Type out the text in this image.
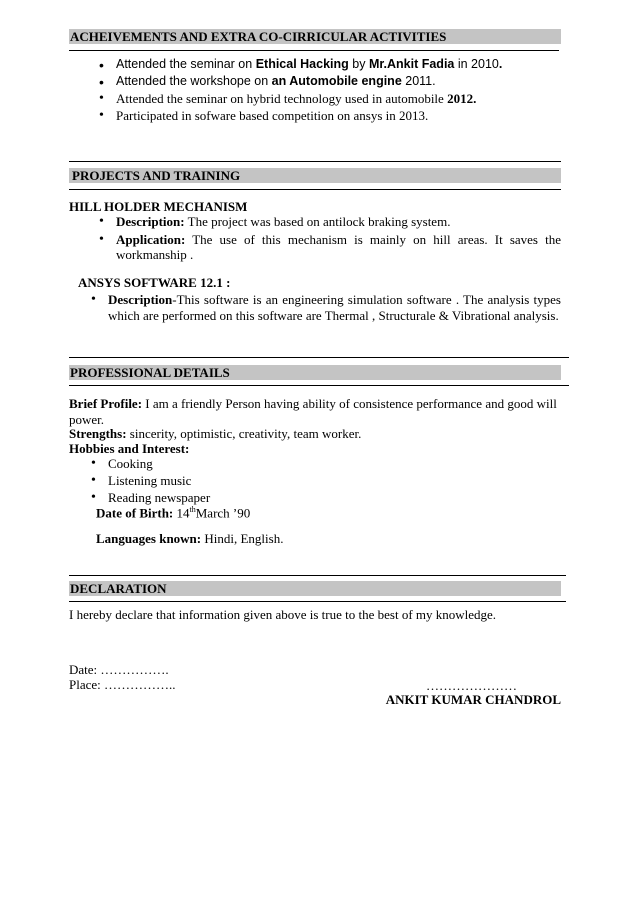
ACHEIVEMENTS AND EXTRA CO-CIRRICULAR ACTIVITIES
• Attended the seminar on Ethical Hacking by Mr.Ankit Fadia in 2010.
• Attended the workshope on an Automobile engine 2011.
• Attended the seminar on hybrid technology used in automobile 2012.
• Participated in sofware based competition on ansys in 2013.
PROJECTS AND TRAINING
HILL HOLDER MECHANISM
• Description: The project was based on antilock braking system.
• Application: The use of this mechanism is mainly on hill areas. It saves the workmanship .
ANSYS SOFTWARE 12.1 :
• Description-This software is an engineering simulation software . The analysis types which are performed on this software are Thermal , Structurale & Vibrational analysis.
PROFESSIONAL DETAILS
Brief Profile: I am a friendly Person having ability of consistence performance and good will power.
Strengths: sincerity, optimistic, creativity, team worker.
Hobbies and Interest:
• Cooking
• Listening music
• Reading newspaper
Date of Birth: 14thMarch ’90
Languages known: Hindi, English.
DECLARATION
I hereby declare that information given above is true to the best of my knowledge.
Date: …………….
Place: ……………..	…………………
ANKIT KUMAR CHANDROL
